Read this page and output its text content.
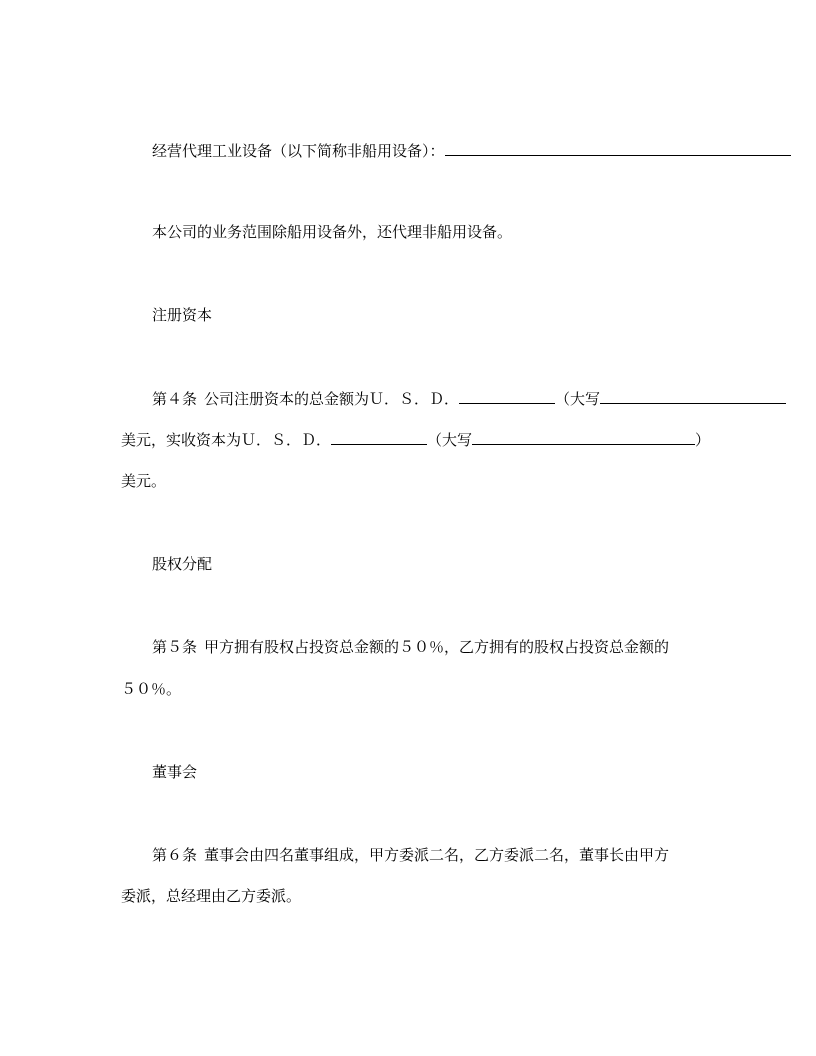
经营代理工业设备（以下简称非船用设备）：
本公司的业务范围除船用设备外，还代理非船用设备。
注册资本
第４条 公司注册资本的总金额为Ｕ．Ｓ．Ｄ．	（大写
美元，实收资本为Ｕ．Ｓ．Ｄ．	（大写	）
美元。
股权分配
第５条 甲方拥有股权占投资总金额的５０％，乙方拥有的股权占投资总金额的
５０％。
董事会
第６条 董事会由四名董事组成，甲方委派二名，乙方委派二名，董事长由甲方
委派，总经理由乙方委派。
